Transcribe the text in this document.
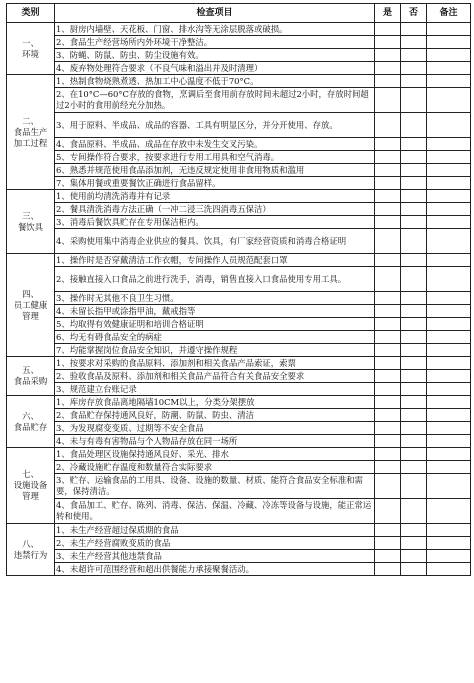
类别	检查项目	是	否	备注
一、
环境	1、厨房内墙壁、天花板、门窗、排水沟等无涂层脱落或破损。			
	2、食品生产经营场所内外环境干净整洁。			
	3、防蝇、防鼠、防虫、防尘设施有效。			
	4、废弃物处理符合要求（不良气味和溢出并及时清理）			
二、
食品生产
加工过程	1、热制食物烧熟煮透、热加工中心温度不低于70°C。			
	2、在10°C—60°C存放的食物，烹调后至食用前存放时间未超过2小时，存放时间超过2小时的食用前经充分加热。			
	3、用于原料、半成品、成品的容器、工具有明显区分，并分开使用、存放。			
	4、食品原料、半成品、成品在存放中未发生交叉污染。			
	5、专间操作符合要求，按要求进行专用工用具和空气消毒。			
	6、熟悉并规范使用食品添加剂，无违反规定使用非食用物质和滥用			
	7、集体用餐或重要餐饮正确进行食品留样。			
三、
餐饮具	1、使用前均清洗消毒并有记录			
	2、餐具清洗消毒方法正确（一冲二浸三洗四消毒五保洁）			
	3、消毒后餐饮具贮存在专用保洁柜内。			
	4、采购使用集中消毒企业供应的餐具、饮具，有厂家经营资质和消毒合格证明			
四、
员工健康
管理	1、操作时是否穿戴清洁工作衣帽，专间操作人员规范配套口罩			
	2、接触直接入口食品之前进行洗手，消毒，销售直接入口食品使用专用工具。			
	3、操作时无其他不良卫生习惯。			
	4、未留长指甲或涂指甲油，戴戒指等			
	5、均取得有效健康证明和培训合格证明			
	6、均无有碍食品安全的病症			
	7、均能掌握岗位食品安全知识，并遵守操作规程			
五、
食品采购	1、按要求对采购的食品原料、添加剂和相关食品产品索证，索票			
	2、验收食品及原料、添加剂和相关食品产品符合有关食品安全要求			
	3、规范建立台账记录			
六、
食品贮存	1、库房存放食品离地隔墙10CM以上，分类分架摆放			
	2、食品贮存保持通风良好，防潮、防鼠、防虫、清洁			
	3、为发现腐变变质、过期等不安全食品			
	4、未与有毒有害物品与个人物品存放在同一场所			
七、
设施设备
管理	1、食品处理区设施保持通风良好、采光、排水			
	2、冷藏设施贮存温度和数量符合实际要求			
	3、贮存、运输食品的工用具、设备、设施的数量、材质、能符合食品安全标准和需要，保持清洁。			
	4、食品加工、贮存、陈列、消毒、保洁、保温、冷藏、冷冻等设备与设施，能正常运转和使用。			
八、
违禁行为	1、未生产经营超过保质期的食品			
	2、未生产经营腐败变质的食品			
	3、未生产经营其他违禁食品			
	4、未超许可范围经营和超出供餐能力承接聚餐活动。			
